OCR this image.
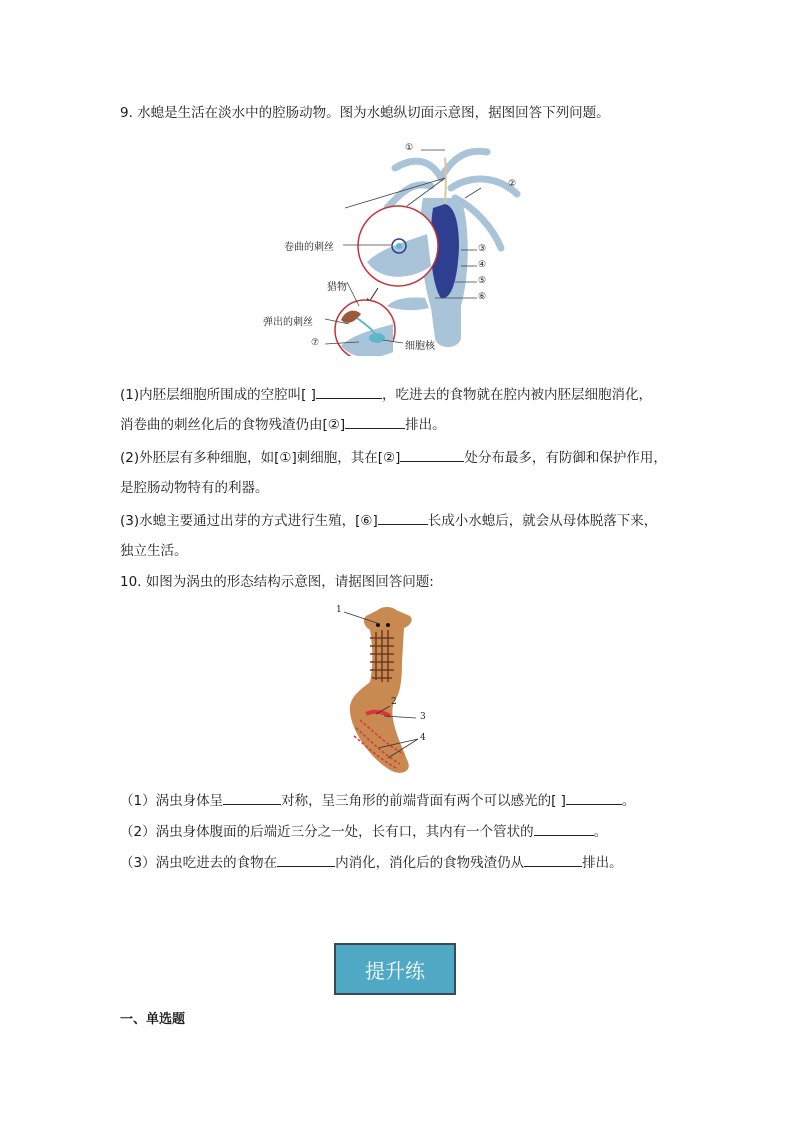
9. 水螅是生活在淡水中的腔肠动物。图为水螅纵切面示意图，据图回答下列问题。
①
②
③
④
⑤
⑥
⑦
卷曲的刺丝
猎物
弹出的刺丝
细胞核
(1)内胚层细胞所围成的空腔叫[ ]	，吃进去的食物就在腔内被内胚层细胞消化，
消卷曲的刺丝化后的食物残渣仍由[②]	排出。
(2)外胚层有多种细胞，如[①]刺细胞，其在[②]	处分布最多，有防御和保护作用，
是腔肠动物特有的利器。
(3)水螅主要通过出芽的方式进行生殖，[⑥]	长成小水螅后，就会从母体脱落下来，
独立生活。
10. 如图为涡虫的形态结构示意图，请据图回答问题:
1
2
3
4
（1）涡虫身体呈	对称，呈三角形的前端背面有两个可以感光的[ ]	。
（2）涡虫身体腹面的后端近三分之一处，长有口，其内有一个管状的	。
（3）涡虫吃进去的食物在	内消化，消化后的食物残渣仍从	排出。
提升练
一、单选题
